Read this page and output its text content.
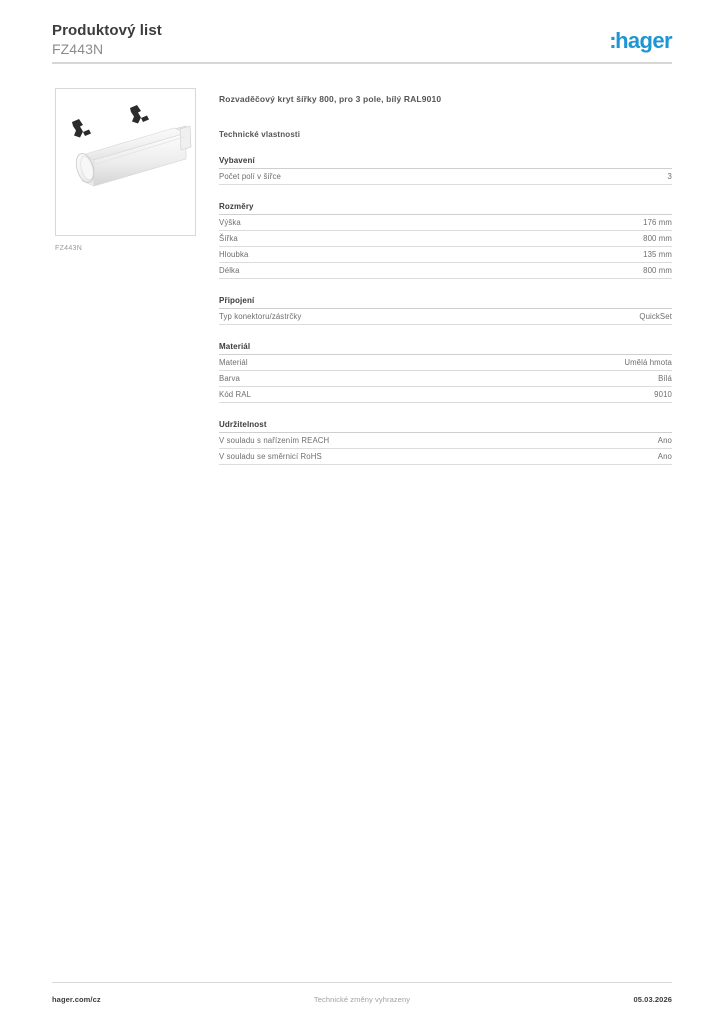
Produktový list
FZ443N	:hager
FZ443N
Rozvaděčový kryt šířky 800, pro 3 pole, bílý RAL9010
Technické vlastnosti
Vybavení
Počet polí v šířce	3
Rozměry
Výška	176 mm
Šířka	800 mm
Hloubka	135 mm
Délka	800 mm
Připojení
Typ konektoru/zástrčky	QuickSet
Materiál
Materiál	Umělá hmota
Barva	Bílá
Kód RAL	9010
Udržitelnost
V souladu s nařízením REACH	Ano
V souladu se směrnicí RoHS	Ano
Technické změny vyhrazeny
hager.com/cz	05.03.2026
